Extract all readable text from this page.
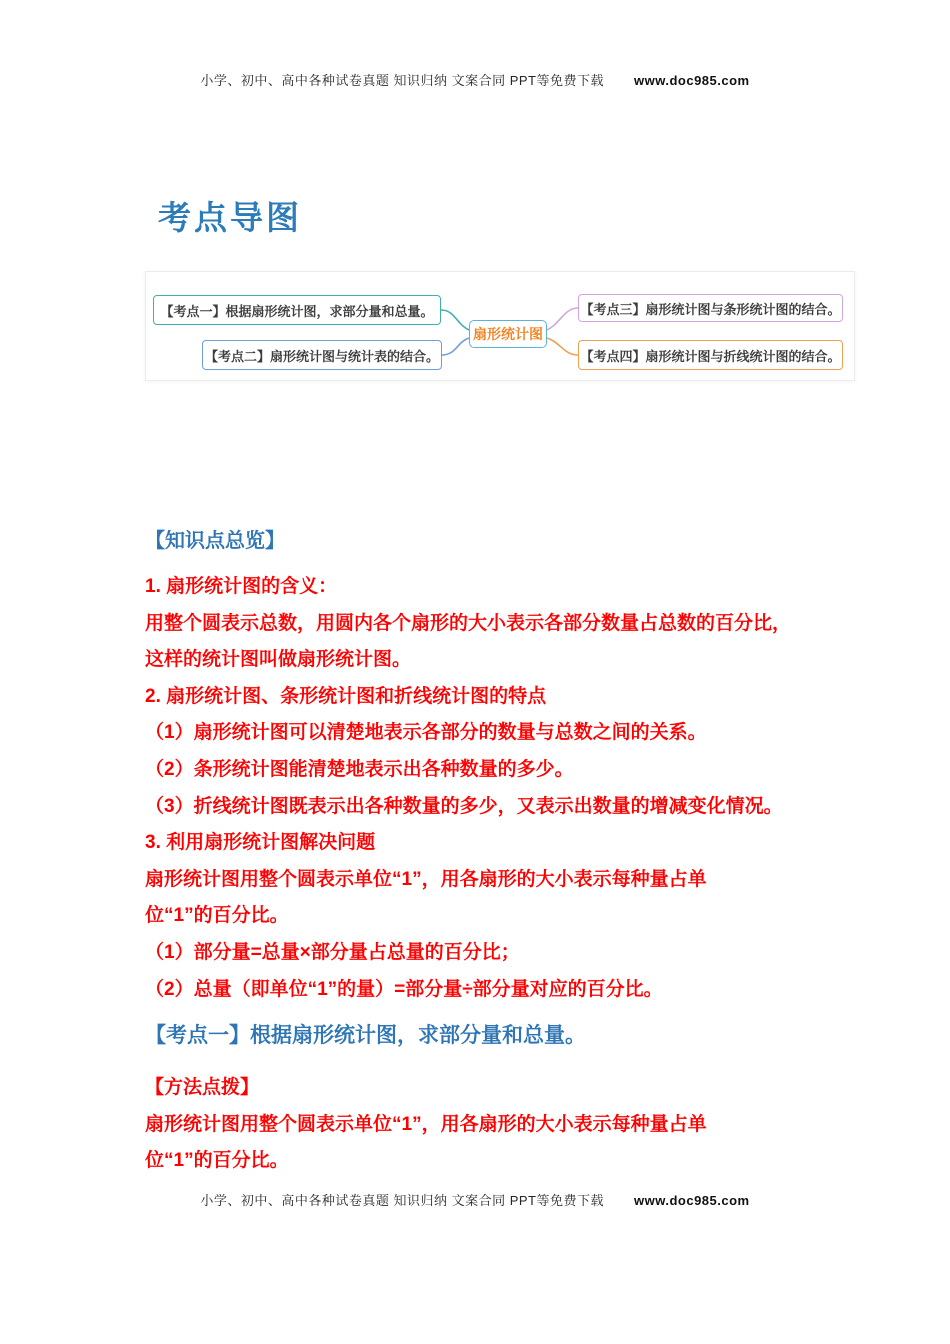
小学、初中、高中各种试卷真题 知识归纳 文案合同 PPT等免费下载 www.doc985.com
考点导图
扇形统计图
【考点一】根据扇形统计图，求部分量和总量。
【考点二】扇形统计图与统计表的结合。
【考点三】扇形统计图与条形统计图的结合。
【考点四】扇形统计图与折线统计图的结合。
【知识点总览】
1. 扇形统计图的含义：
用整个圆表示总数，用圆内各个扇形的大小表示各部分数量占总数的百分比，
这样的统计图叫做扇形统计图。
2. 扇形统计图、条形统计图和折线统计图的特点
（1）扇形统计图可以清楚地表示各部分的数量与总数之间的关系。
（2）条形统计图能清楚地表示出各种数量的多少。
（3）折线统计图既表示出各种数量的多少，又表示出数量的增减变化情况。
3. 利用扇形统计图解决问题
扇形统计图用整个圆表示单位“1”，用各扇形的大小表示每种量占单
位“1”的百分比。
（1）部分量=总量×部分量占总量的百分比；
（2）总量（即单位“1”的量）=部分量÷部分量对应的百分比。
【考点一】根据扇形统计图，求部分量和总量。
【方法点拨】
扇形统计图用整个圆表示单位“1”，用各扇形的大小表示每种量占单
位“1”的百分比。
小学、初中、高中各种试卷真题 知识归纳 文案合同 PPT等免费下载 www.doc985.com
